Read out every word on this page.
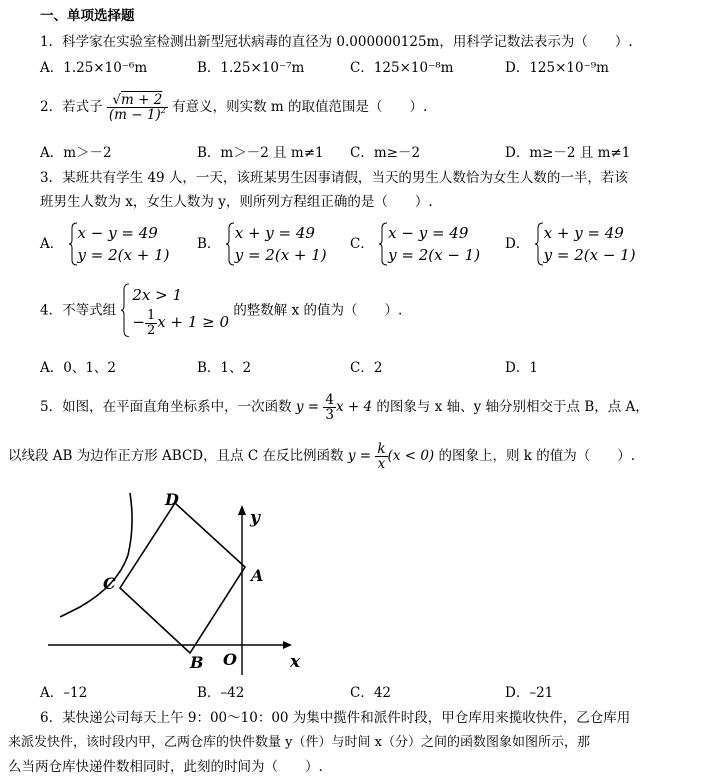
一、单项选择题
1．科学家在实验室检测出新型冠状病毒的直径为 0.000000125m，用科学记数法表示为（　　）.
A．1.25×10⁻⁶m	B．1.25×10⁻⁷m	C．125×10⁻⁸m	D．125×10⁻⁹m
2．若式子 $\frac{√m + 2}{(m - 1)^2}$ 有意义，则实数 m 的取值范围是（　　）.
A．m＞－2	B．m＞－2 且 m≠1 C．m≥－2	D．m≥－2 且 m≠1
3．某班共有学生 49 人，一天，该班某男生因事请假，当天的男生人数恰为女生人数的一半，若该
班男生人数为 x，女生人数为 y，则所列方程组正确的是（　　）.
A．
x − y = 49
y = 2(x + 1)
B．
x + y = 49
y = 2(x + 1)
C．
x − y = 49
y = 2(x − 1)
D．
x + y = 49
y = 2(x − 1)
4．不等式组
2x > 1
− $\frac{1}{2}$ x + 1 ≥ 0
的整数解 x 的值为（　　）.
A．0、1、2	B．1、2	C．2	D．1
5．如图，在平面直角坐标系中，一次函数 $y = \frac{4}{3}$ x + 4 的图象与 x 轴、y 轴分别相交于点 B，点 A，
以线段 AB 为边作正方形 ABCD，且点 C 在反比例函数 $y = \frac{k}{x} (x < 0)$ 的图象上，则 k 的值为（　　）.
D
C	A
B O	x
y
A．–12	B．–42	C．42	D．–21
6．某快递公司每天上午 9：00～10：00 为集中揽件和派件时段，甲仓库用来揽收快件，乙仓库用
来派发快件，该时段内甲，乙两仓库的快件数量 y（件）与时间 x（分）之间的函数图象如图所示，那
么当两仓库快递件数相同时，此刻的时间为（　　）.
